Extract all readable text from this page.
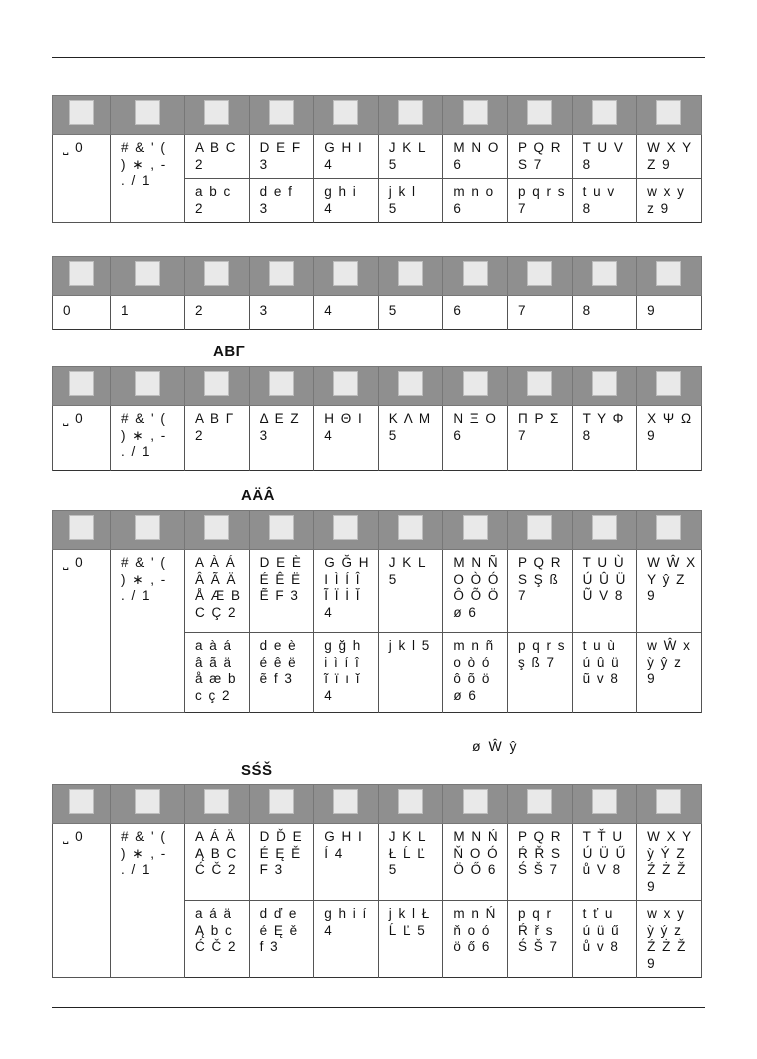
⎵ 0	# & ' (
) ∗ , -
. / 1	A B C
2	D E F
3	G H I
4	J K L
5	M N O
6	P Q R
S 7	T U V
8	W X Y
Z 9

		a b c
2	d e f
3	g h i
4	j k l
5	m n o
6	p q r s
7	t u v
8	w x y
z 9

0	1	2	3	4	5	6	7	8	9
ΑΒΓ

⎵ 0	# & ' (
) ∗ , -
. / 1	Α Β Γ
2	Δ Ε Ζ
3	Η Θ Ι
4	Κ Λ Μ
5	Ν Ξ Ο
6	Π Ρ Σ
7	Τ Υ Φ
8	Χ Ψ Ω
9
AÄÂ

⎵ 0	# & ' (
) ∗ , -
. / 1	A À Á
Â Ã Ä
Å Æ B
C Ç 2	D E È
É Ê Ë
Ẽ F 3	G Ğ H
I Ì Í Î
Ĩ Ï İ Ĭ
4	J K L
5	M N Ñ
O Ò Ó
Ô Õ Ö
ø 6	P Q R
S Ş ß
7	T U Ù
Ú Û Ü
Ũ V 8	W Ŵ X
Y ŷ Z
9

		a à á
â ã ä
å æ b
c ç 2	d e è
é ê ë
ẽ f 3	g ğ h
i ì í î
ĩ ï ı ĭ
4	j k l 5	m n ñ
o ò ó
ô õ ö
ø 6	p q r s
ş ß 7	t u ù
ú û ü
ũ v 8	w Ŵ x
ỳ ŷ z
9
ø Ŵ ŷ
SŚŠ

⎵ 0	# & ' (
) ∗ , -
. / 1	A Á Ä
Ą B C
Ć Č 2	D Ď E
É Ę Ě
F 3	G H I
Í 4	J K L
Ł Ĺ Ľ
5	M N Ń
Ň O Ó
Ö Ő 6	P Q R
Ŕ Ř S
Ś Š 7	T Ť U
Ú Ü Ű
ů V 8	W X Y
ỳ Ý Z
Ź Ż Ž
9

		a á ä
Ą b c
Ć Č 2	d ď e
é Ę ě
f 3	g h i í
4	j k l Ł
Ĺ Ľ 5	m n Ń
ň o ó
ö ő 6	p q r
Ŕ ř s
Ś Š 7	t ť u
ú ü ű
ů v 8	w x y
ỳ ý z
Ź Ż Ž
9
